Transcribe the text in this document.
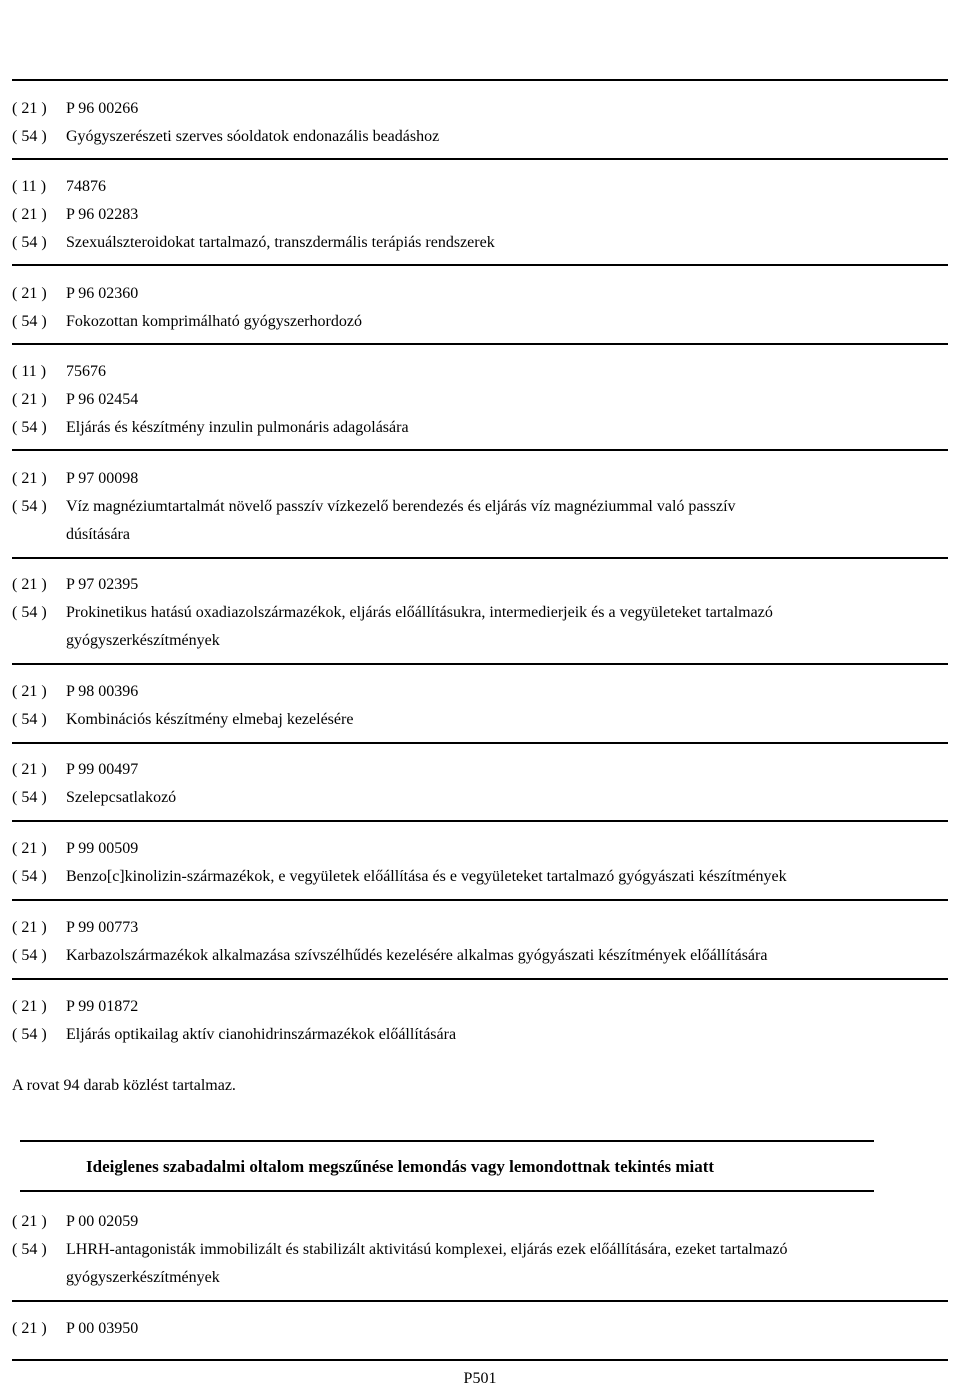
Szabadalmi Közlöny és Védjegyértesítő 115. évfolyam 10. szám II. kötet, 2010.10.28.
Szabadalmi oltalom megszűnése és újra érvénybe helyezése
( 21 ) P 96 00266
( 54 ) Gyógyszerészeti szerves sóoldatok endonazális beadáshoz
( 11 ) 74876
( 21 ) P 96 02283
( 54 ) Szexuálszteroidokat tartalmazó, transzdermális terápiás rendszerek
( 21 ) P 96 02360
( 54 ) Fokozottan komprimálható gyógyszerhordozó
( 11 ) 75676
( 21 ) P 96 02454
( 54 ) Eljárás és készítmény inzulin pulmonáris adagolására
( 21 ) P 97 00098
( 54 ) Víz magnéziumtartalmát növelő passzív vízkezelő berendezés és eljárás víz magnéziummal való passzív
dúsítására
( 21 ) P 97 02395
( 54 ) Prokinetikus hatású oxadiazolszármazékok, eljárás előállításukra, intermedierjeik és a vegyületeket tartalmazó
gyógyszerkészítmények
( 21 ) P 98 00396
( 54 ) Kombinációs készítmény elmebaj kezelésére
( 21 ) P 99 00497
( 54 ) Szelepcsatlakozó
( 21 ) P 99 00509
( 54 ) Benzo[c]kinolizin-származékok, e vegyületek előállítása és e vegyületeket tartalmazó gyógyászati készítmények
( 21 ) P 99 00773
( 54 ) Karbazolszármazékok alkalmazása szívszélhűdés kezelésére alkalmas gyógyászati készítmények előállítására
( 21 ) P 99 01872
( 54 ) Eljárás optikailag aktív cianohidrinszármazékok előállítására
A rovat 94 darab közlést tartalmaz.
Ideiglenes szabadalmi oltalom megszűnése lemondás vagy lemondottnak tekintés miatt
( 21 ) P 00 02059
( 54 ) LHRH-antagonisták immobilizált és stabilizált aktivitású komplexei, eljárás ezek előállítására, ezeket tartalmazó
gyógyszerkészítmények
( 21 ) P 00 03950
P501
